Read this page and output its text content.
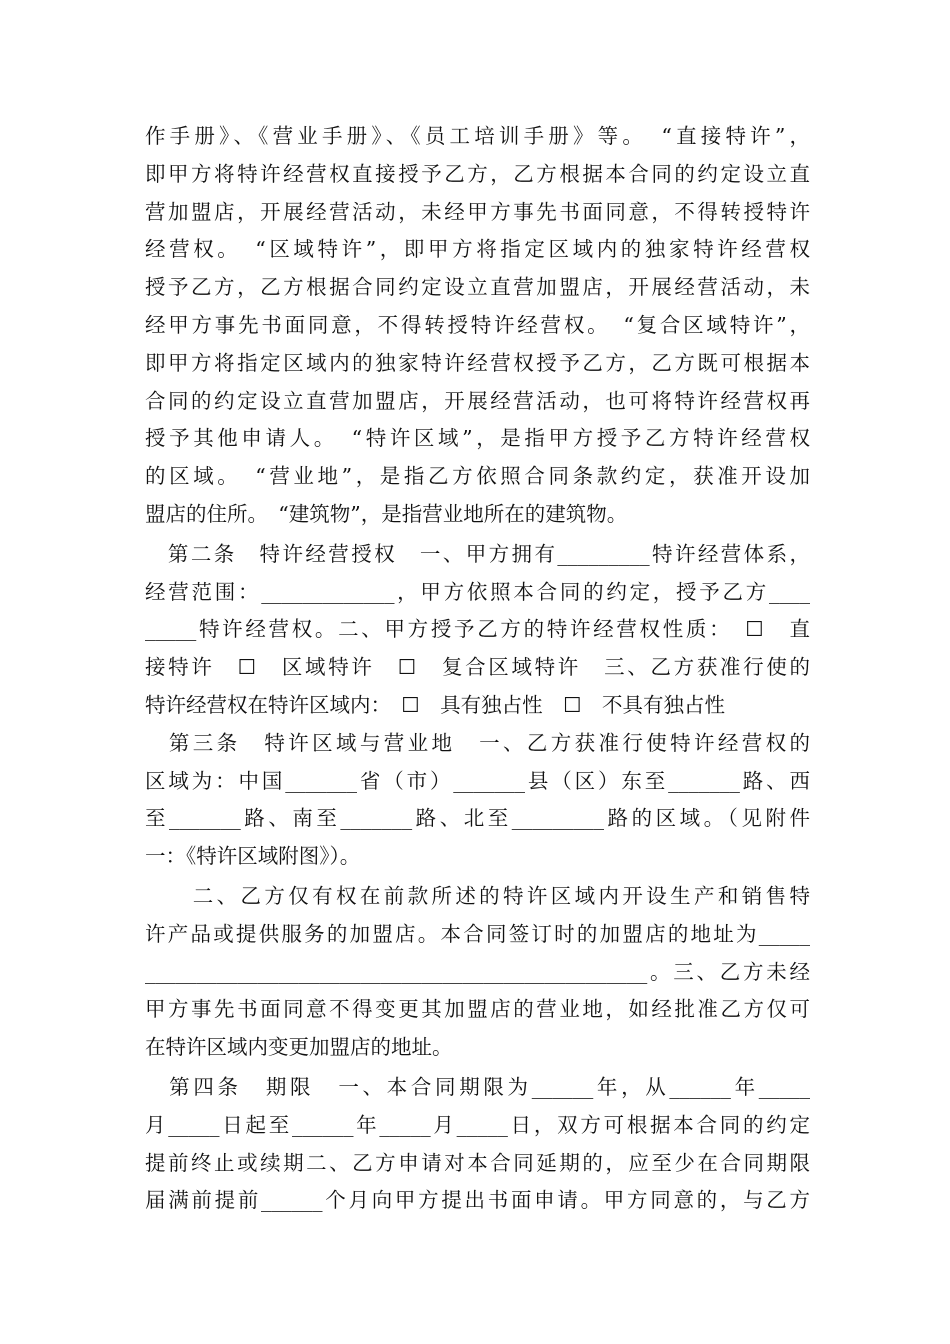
作手册》、《营业手册》、《员工培训手册》等。　“直接特许”，
即甲方将特许经营权直接授予乙方，乙方根据本合同的约定设立直
营加盟店，开展经营活动，未经甲方事先书面同意，不得转授特许
经营权。　“区域特许”，即甲方将指定区域内的独家特许经营权
授予乙方，乙方根据合同约定设立直营加盟店，开展经营活动，未
经甲方事先书面同意，不得转授特许经营权。　“复合区域特许”，
即甲方将指定区域内的独家特许经营权授予乙方，乙方既可根据本
合同的约定设立直营加盟店，开展经营活动，也可将特许经营权再
授予其他申请人。　“特许区域”，是指甲方授予乙方特许经营权
的区域。　“营业地”，是指乙方依照合同条款约定，获准开设加
盟店的住所。　“建筑物”，是指营业地所在的建筑物。
　第二条　特许经营授权　一、甲方拥有_________特许经营体系，
经营范围：_____________，甲方依照本合同的约定，授予乙方____
_____特许经营权。二、甲方授予乙方的特许经营权性质：　☐　直
接特许　☐　区域特许　☐　复合区域特许　三、乙方获准行使的
特许经营权在特许区域内：　☐　具有独占性　☐　不具有独占性
　第三条　特许区域与营业地　一、乙方获准行使特许经营权的
区域为：中国_______省（市）_______县（区）东至_______路、西
至_______路、南至_______路、北至_________路的区域。（见附件
一：《特许区域附图》）。
　　二、乙方仅有权在前款所述的特许区域内开设生产和销售特
许产品或提供服务的加盟店。本合同签订时的加盟店的地址为_____
_________________________________________________。三、乙方未经
甲方事先书面同意不得变更其加盟店的营业地，如经批准乙方仅可
在特许区域内变更加盟店的地址。
　第四条　期限　一、本合同期限为______年，从______年_____
月_____日起至______年_____月_____日，双方可根据本合同的约定
提前终止或续期二、乙方申请对本合同延期的，应至少在合同期限
届满前提前______个月向甲方提出书面申请。甲方同意的，与乙方
